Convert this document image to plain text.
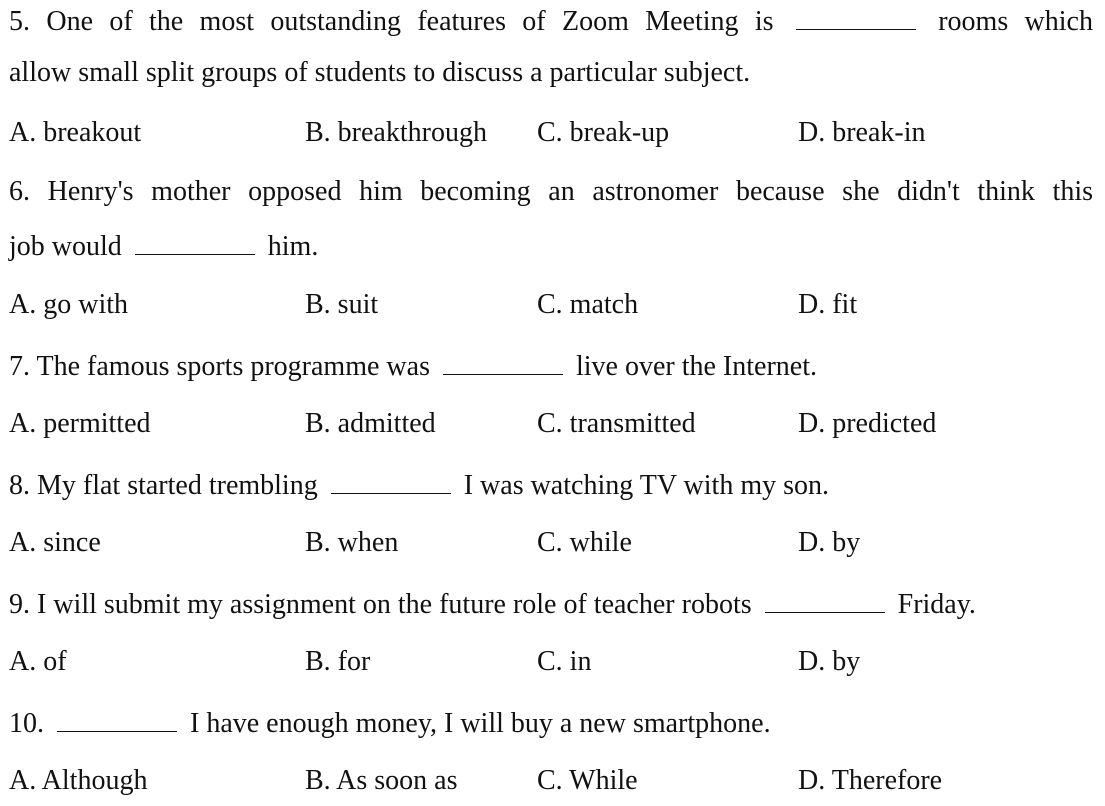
5. One of the most outstanding features of Zoom Meeting is	rooms which
allow small split groups of students to discuss a particular subject.
A. breakout	B. breakthrough C. break-up	D. break-in
6. Henry's mother opposed him becoming an astronomer because she didn't think this
job would	him.
A. go with	B. suit	C. match	D. fit
7. The famous sports programme was	live over the Internet.
A. permitted	B. admitted	C. transmitted	D. predicted
8. My flat started trembling	I was watching TV with my son.
A. since	B. when	C. while	D. by
9. I will submit my assignment on the future role of teacher robots	Friday.
A. of	B. for	C. in	D. by
10.	I have enough money, I will buy a new smartphone.
A. Although	B. As soon as	C. While	D. Therefore
